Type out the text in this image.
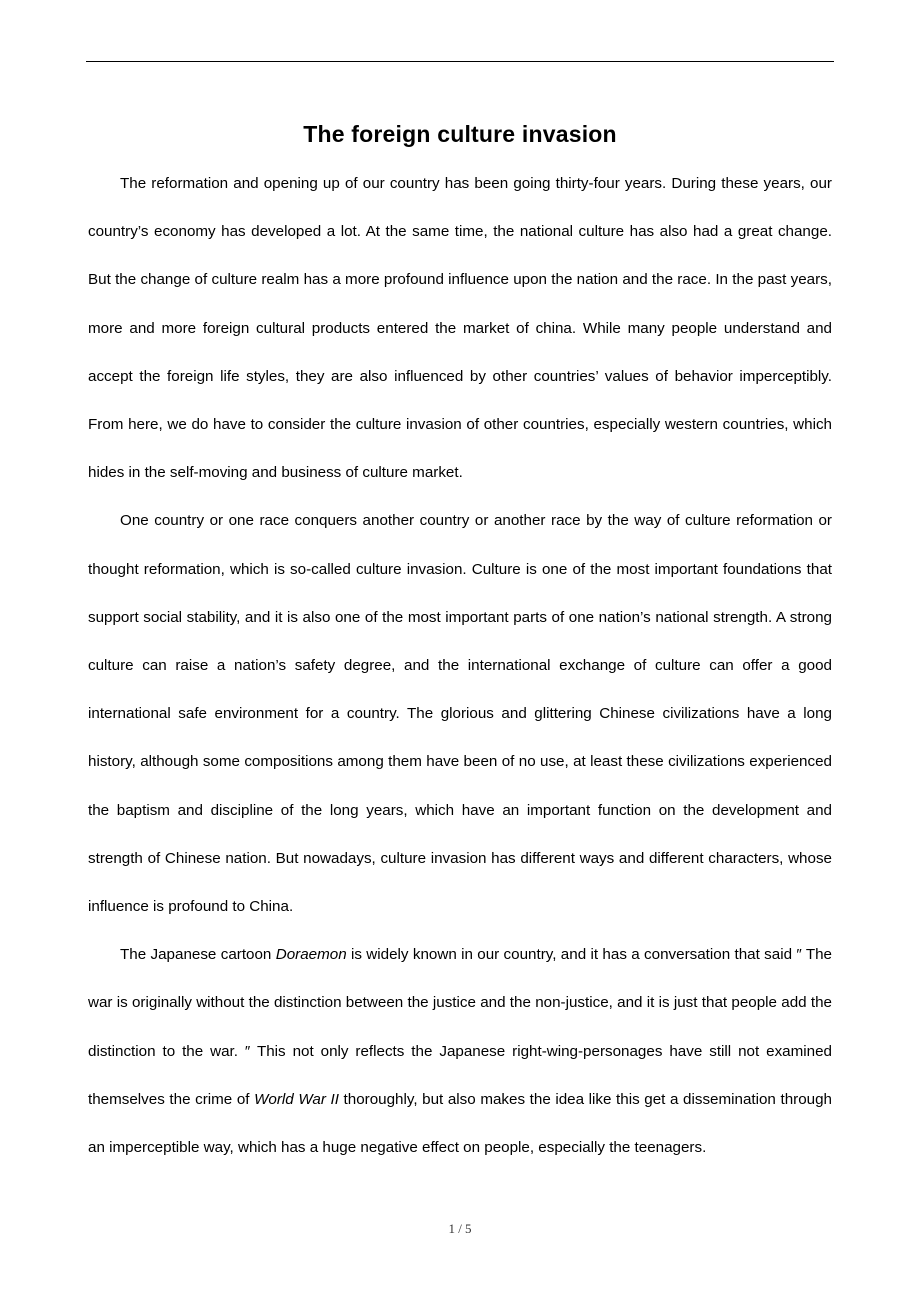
The foreign culture invasion

The reformation and opening up of our country has been going thirty-four years. During these years, our country’s economy has developed a lot. At the same time, the national culture has also had a great change. But the change of culture realm has a more profound influence upon the nation and the race. In the past years, more and more foreign cultural products entered the market of china. While many people understand and accept the foreign life styles, they are also influenced by other countries’ values of behavior imperceptibly. From here, we do have to consider the culture invasion of other countries, especially western countries, which hides in the self-moving and business of culture market.

One country or one race conquers another country or another race by the way of culture reformation or thought reformation, which is so-called culture invasion. Culture is one of the most important foundations that support social stability, and it is also one of the most important parts of one nation’s national strength. A strong culture can raise a nation’s safety degree, and the international exchange of culture can offer a good international safe environment for a country. The glorious and glittering Chinese civilizations have a long history, although some compositions among them have been of no use, at least these civilizations experienced the baptism and discipline of the long years, which have an important function on the development and strength of Chinese nation. But nowadays, culture invasion has different ways and different characters, whose influence is profound to China.

The Japanese cartoon Doraemon is widely known in our country, and it has a conversation that said ″ The war is originally without the distinction between the justice and the non-justice, and it is just that people add the distinction to the war. ″ This not only reflects the Japanese right-wing-personages have still not examined themselves the crime of World War II thoroughly, but also makes the idea like this get a dissemination through an imperceptible way, which has a huge negative effect on people, especially the teenagers.

1 / 5
